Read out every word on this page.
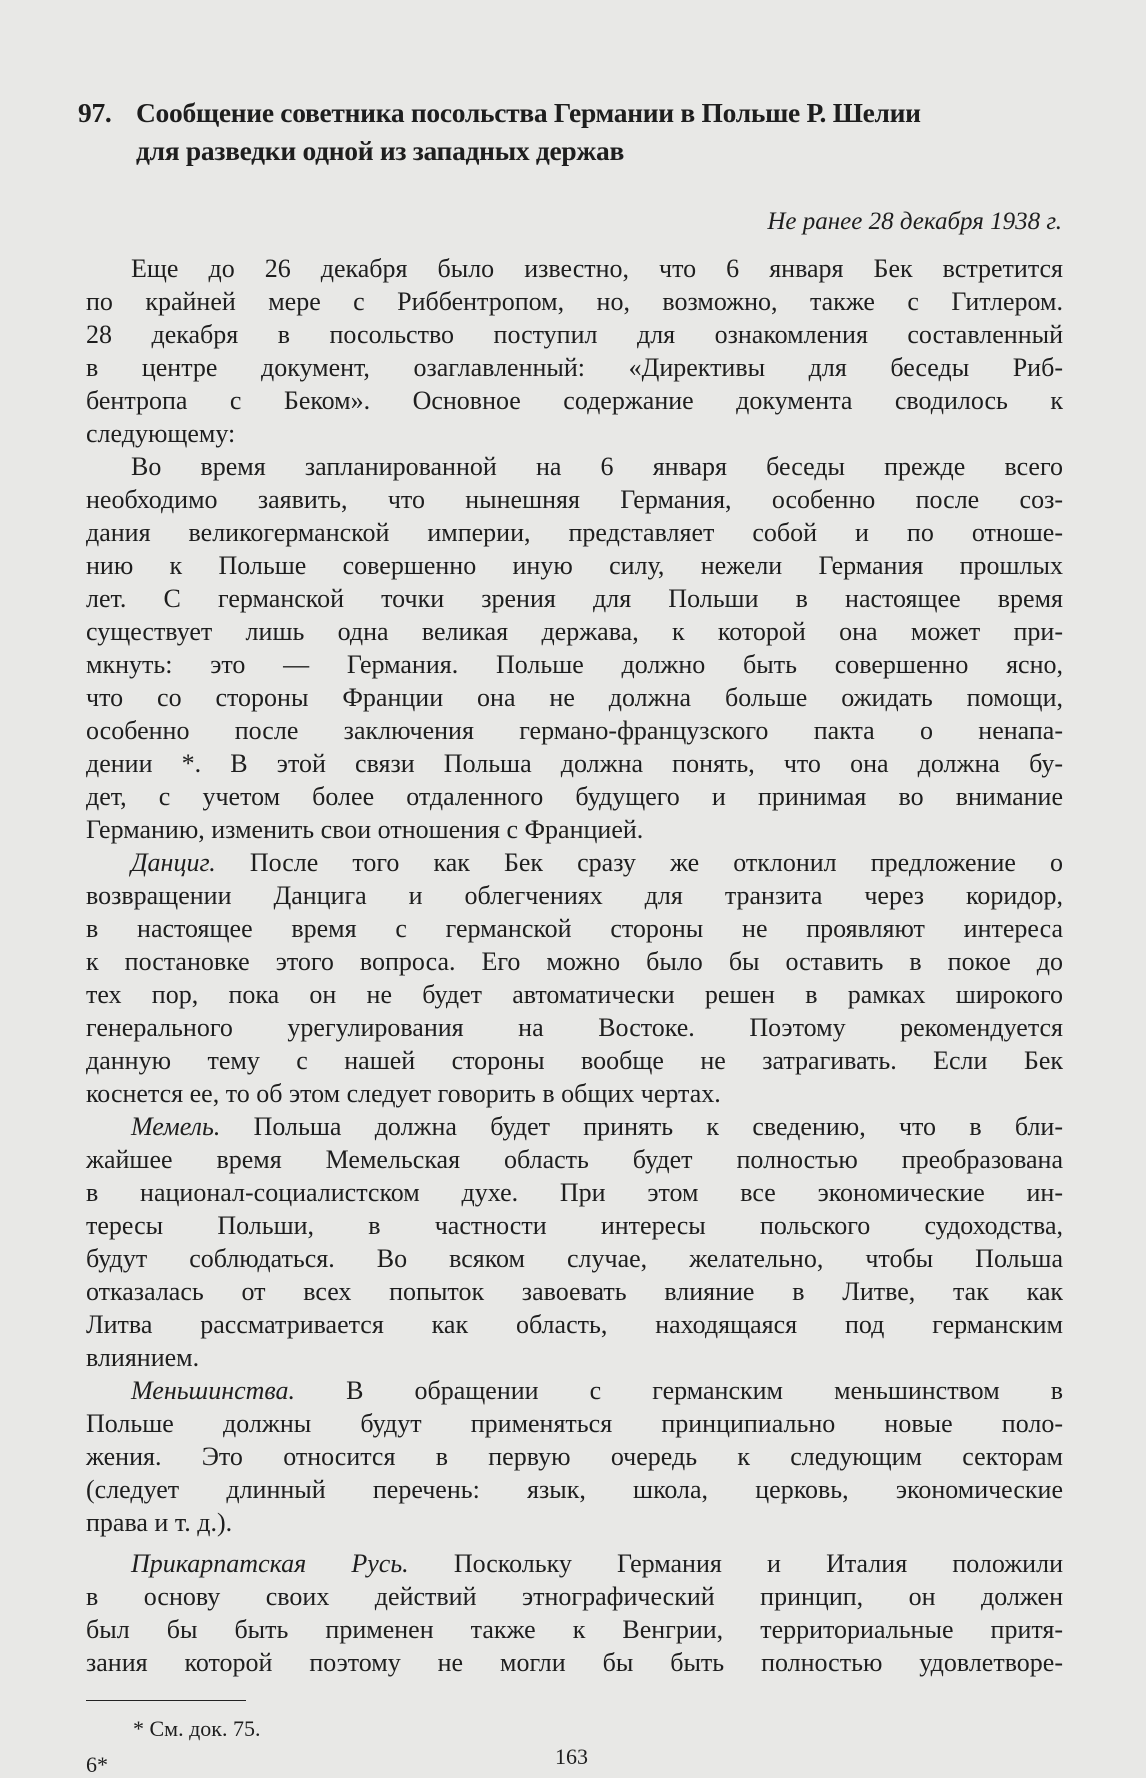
97. Сообщение советника посольства Германии в Польше Р. Шелии
для разведки одной из западных держав
Не ранее 28 декабря 1938 г.
Еще до 26 декабря было известно, что 6 января Бек встретится
по крайней мере с Риббентропом, но, возможно, также с Гитлером.
28 декабря в посольство поступил для ознакомления составленный
в центре документ, озаглавленный: «Директивы для беседы Риб-
бентропа с Беком». Основное содержание документа сводилось к
следующему:
Во время запланированной на 6 января беседы прежде всего
необходимо заявить, что нынешняя Германия, особенно после соз-
дания великогерманской империи, представляет собой и по отноше-
нию к Польше совершенно иную силу, нежели Германия прошлых
лет. С германской точки зрения для Польши в настоящее время
существует лишь одна великая держава, к которой она может при-
мкнуть: это — Германия. Польше должно быть совершенно ясно,
что со стороны Франции она не должна больше ожидать помощи,
особенно после заключения германо-французского пакта о ненапа-
дении *. В этой связи Польша должна понять, что она должна бу-
дет, с учетом более отдаленного будущего и принимая во внимание
Германию, изменить свои отношения с Францией.
Данциг. После того как Бек сразу же отклонил предложение о
возвращении Данцига и облегчениях для транзита через коридор,
в настоящее время с германской стороны не проявляют интереса
к постановке этого вопроса. Его можно было бы оставить в покое до
тех пор, пока он не будет автоматически решен в рамках широкого
генерального урегулирования на Востоке. Поэтому рекомендуется
данную тему с нашей стороны вообще не затрагивать. Если Бек
коснется ее, то об этом следует говорить в общих чертах.
Мемель. Польша должна будет принять к сведению, что в бли-
жайшее время Мемельская область будет полностью преобразована
в национал-социалистском духе. При этом все экономические ин-
тересы Польши, в частности интересы польского судоходства,
будут соблюдаться. Во всяком случае, желательно, чтобы Польша
отказалась от всех попыток завоевать влияние в Литве, так как
Литва рассматривается как область, находящаяся под германским
влиянием.
Меньшинства. В обращении с германским меньшинством в
Польше должны будут применяться принципиально новые поло-
жения. Это относится в первую очередь к следующим секторам
(следует длинный перечень: язык, школа, церковь, экономические
права и т. д.).
Прикарпатская Русь. Поскольку Германия и Италия положили
в основу своих действий этнографический принцип, он должен
был бы быть применен также к Венгрии, территориальные притя-
зания которой поэтому не могли бы быть полностью удовлетворе-
* См. док. 75.
163
6*
